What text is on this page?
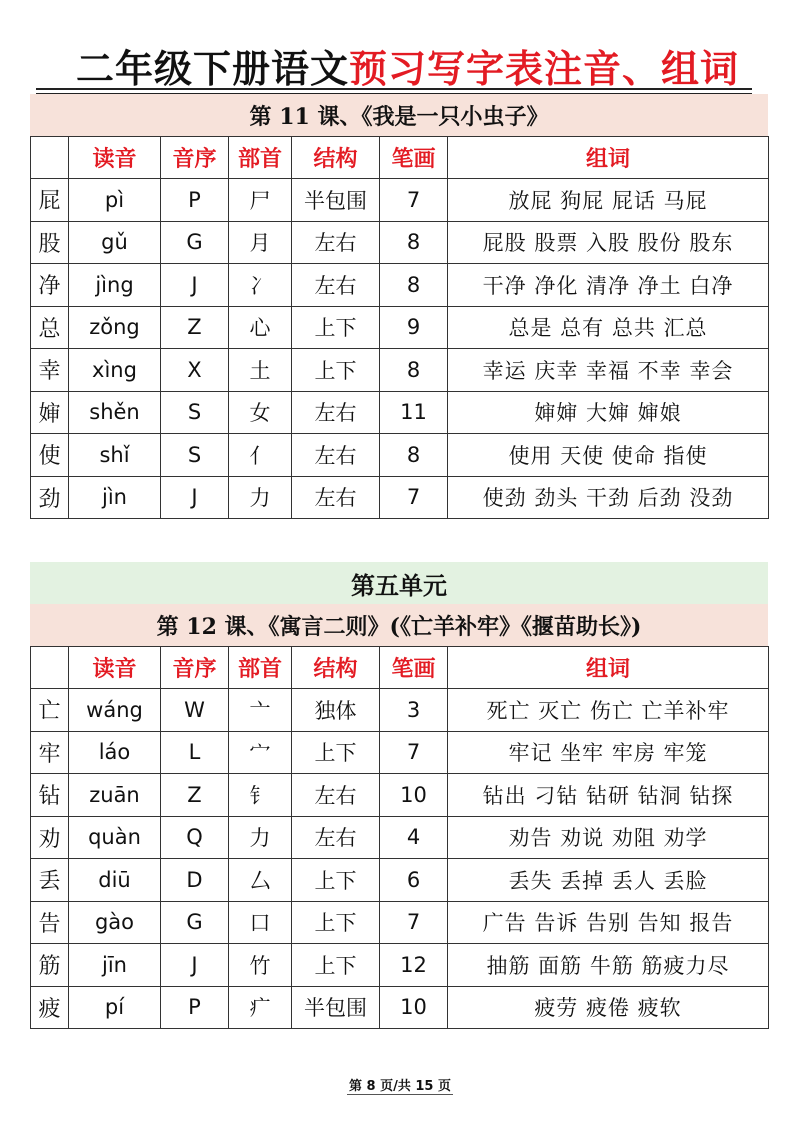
二年级下册语文预习写字表注音、组词
第 11 课、《我是一只小虫子》
	读音	音序	部首	结构	笔画	组词
屁	pì	P	尸	半包围	7	放屁 狗屁 屁话 马屁
股	gǔ	G	月	左右	8	屁股 股票 入股 股份 股东
净	jìng	J	冫	左右	8	干净 净化 清净 净土 白净
总	zǒng	Z	心	上下	9	总是 总有 总共 汇总
幸	xìng	X	土	上下	8	幸运 庆幸 幸福 不幸 幸会
婶	shěn	S	女	左右	11	婶婶 大婶 婶娘
使	shǐ	S	亻	左右	8	使用 天使 使命 指使
劲	jìn	J	力	左右	7	使劲 劲头 干劲 后劲 没劲
第五单元
第 12 课、《寓言二则》(《亡羊补牢》《揠苗助长》)
	读音	音序	部首	结构	笔画	组词
亡	wáng	W	亠	独体	3	死亡 灭亡 伤亡 亡羊补牢
牢	láo	L	宀	上下	7	牢记 坐牢 牢房 牢笼
钻	zuān	Z	钅	左右	10	钻出 刁钻 钻研 钻洞 钻探
劝	quàn	Q	力	左右	4	劝告 劝说 劝阻 劝学
丢	diū	D	厶	上下	6	丢失 丢掉 丢人 丢脸
告	gào	G	口	上下	7	广告 告诉 告别 告知 报告
筋	jīn	J	竹	上下	12	抽筋 面筋 牛筋 筋疲力尽
疲	pí	P	疒	半包围	10	疲劳 疲倦 疲软
第 8 页/共 15 页
